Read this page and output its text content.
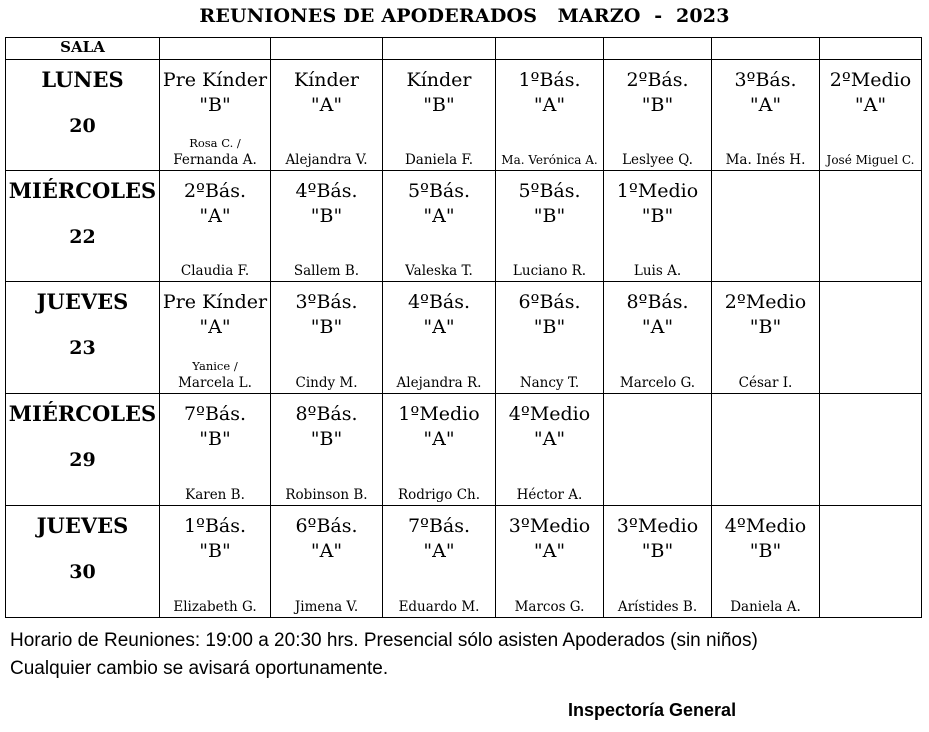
REUNIONES DE APODERADOS   MARZO  -  2023
SALA							

LUNES
20	Pre Kínder
"B"
Rosa C. /
Fernanda A.	Kínder
"A"
Alejandra V.	Kínder
"B"
Daniela F.	1ºBás.
"A"
Ma. Verónica A.	2ºBás.
"B"
Leslyee Q.	3ºBás.
"A"
Ma. Inés H.	2ºMedio
"A"
José Miguel C.

MIÉRCOLES
22	2ºBás.
"A"
Claudia F.	4ºBás.
"B"
Sallem B.	5ºBás.
"A"
Valeska T.	5ºBás.
"B"
Luciano R.	1ºMedio
"B"
Luis A.		

JUEVES
23	Pre Kínder
"A"
Yanice /
Marcela L.	3ºBás.
"B"
Cindy M.	4ºBás.
"A"
Alejandra R.	6ºBás.
"B"
Nancy T.	8ºBás.
"A"
Marcelo G.	2ºMedio
"B"
César I.	

MIÉRCOLES
29	7ºBás.
"B"
Karen B.	8ºBás.
"B"
Robinson B.	1ºMedio
"A"
Rodrigo Ch.	4ºMedio
"A"
Héctor A.			

JUEVES
30	1ºBás.
"B"
Elizabeth G.	6ºBás.
"A"
Jimena V.	7ºBás.
"A"
Eduardo M.	3ºMedio
"A"
Marcos G.	3ºMedio
"B"
Arístides B.	4ºMedio
"B"
Daniela A.	

Horario de Reuniones: 19:00 a 20:30 hrs. Presencial sólo asisten Apoderados (sin niños)
Cualquier cambio se avisará oportunamente.
Inspectoría General
